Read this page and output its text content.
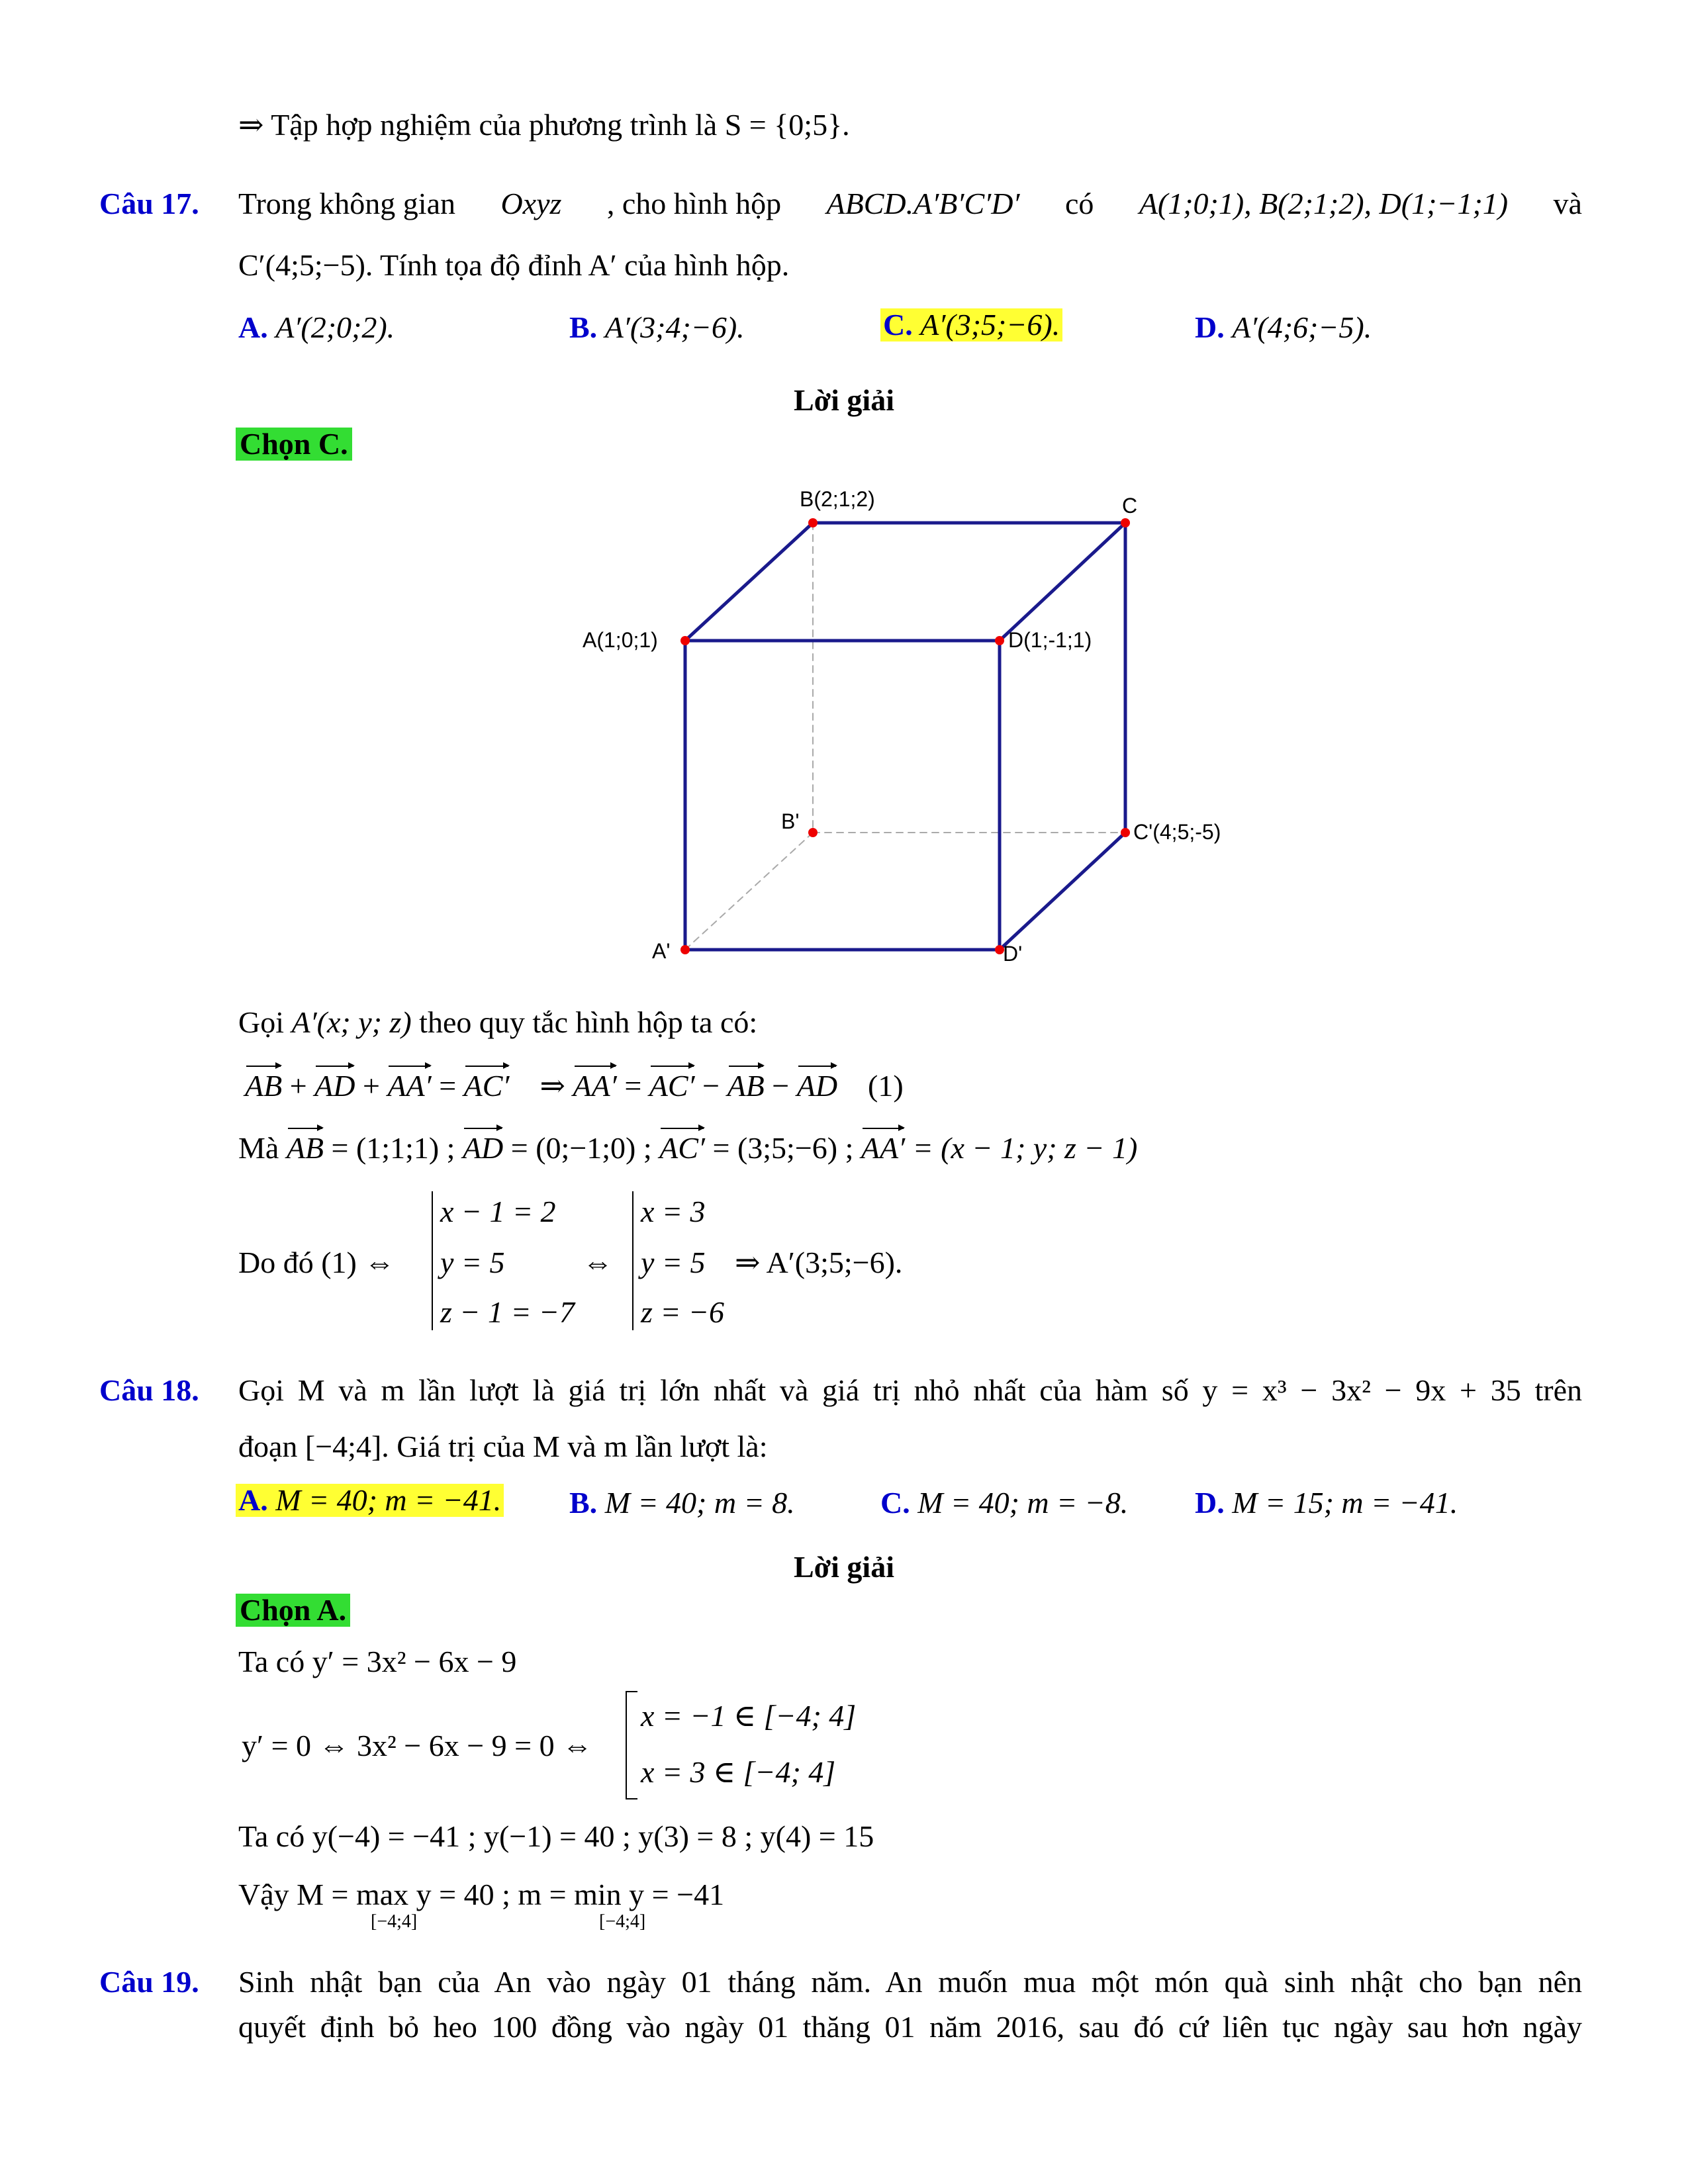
⇒ Tập hợp nghiệm của phương trình là S = {0;5}.
Câu 17. Trong không gian Oxyz , cho hình hộp ABCD.A′B′C′D′ có A(1;0;1), B(2;1;2), D(1;−1;1) và
C′(4;5;−5). Tính tọa độ đỉnh A′ của hình hộp.
A. A′(2;0;2).	B. A′(3;4;−6).	C. A′(3;5;−6).	D. A′(4;6;−5).
Lời giải
Chọn C.
B(2;1;2)	C
A(1;0;1)	D(1;-1;1)
B'	C'(4;5;-5)
A'	D'
Gọi A′(x; y; z) theo quy tắc hình hộp ta có:
AB + AD + AA′ = AC′ ⇒ AA′ = AC′ − AB − AD (1)
Mà AB = (1;1;1) ; AD = (0;−1;0) ; AC′ = (3;5;−6) ; AA′ = (x − 1; y; z − 1)
Do đó (1) ⇔
x − 1 = 2
y = 5
z − 1 = −7
⇔
x = 3
y = 5
z = −6
⇒ A′(3;5;−6).
Câu 18. Gọi M và m lần lượt là giá trị lớn nhất và giá trị nhỏ nhất của hàm số y = x³ − 3x² − 9x + 35 trên
đoạn [−4;4]. Giá trị của M và m lần lượt là:
A. M = 40; m = −41. B. M = 40; m = 8.	C. M = 40; m = −8. D. M = 15; m = −41.
Lời giải
Chọn A.
Ta có y′ = 3x² − 6x − 9
y′ = 0 ⇔ 3x² − 6x − 9 = 0 ⇔
x = −1 ∈ [−4; 4]
x = 3 ∈ [−4; 4]
Ta có y(−4) = −41 ; y(−1) = 40 ; y(3) = 8 ; y(4) = 15
Vậy M = max y = 40 ; m = min y = −41
[−4;4]	[−4;4]
Câu 19. Sinh nhật bạn của An vào ngày 01 tháng năm. An muốn mua một món quà sinh nhật cho bạn nên
quyết định bỏ heo 100 đồng vào ngày 01 thăng 01 năm 2016, sau đó cứ liên tục ngày sau hơn ngày
